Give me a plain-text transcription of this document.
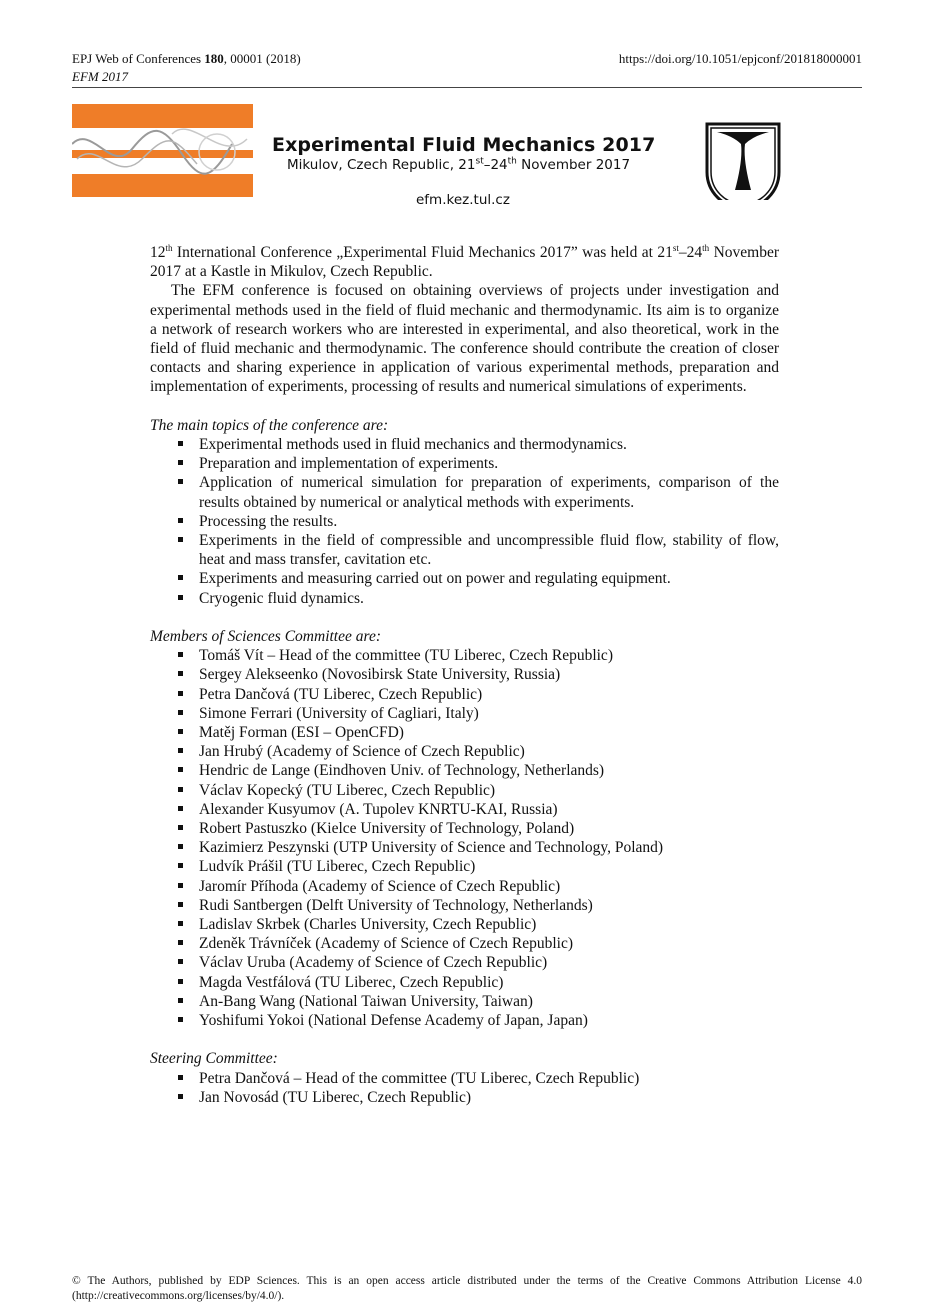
EPJ Web of Conferences 180, 00001 (2018)	https://doi.org/10.1051/epjconf/201818000001
EFM 2017
Experimental Fluid Mechanics 2017
Mikulov, Czech Republic, 21st–24th November 2017
efm.kez.tul.cz

12th International Conference „Experimental Fluid Mechanics 2017” was held at 21st–24th November 2017 at a Kastle in Mikulov, Czech Republic.

The EFM conference is focused on obtaining overviews of projects under investigation and experimental methods used in the field of fluid mechanic and thermodynamic. Its aim is to organize a network of research workers who are interested in experimental, and also theoretical, work in the field of fluid mechanic and thermodynamic. The conference should contribute the creation of closer contacts and sharing experience in application of various experimental methods, preparation and implementation of experiments, processing of results and numerical simulations of experiments.

The main topics of the conference are:

Experimental methods used in fluid mechanics and thermodynamics.
Preparation and implementation of experiments.
Application of numerical simulation for preparation of experiments, comparison of the results obtained by numerical or analytical methods with experiments.
Processing the results.
Experiments in the field of compressible and uncompressible fluid flow, stability of flow, heat and mass transfer, cavitation etc.
Experiments and measuring carried out on power and regulating equipment.
Cryogenic fluid dynamics.

Members of Sciences Committee are:

Tomáš Vít – Head of the committee (TU Liberec, Czech Republic)
Sergey Alekseenko (Novosibirsk State University, Russia)
Petra Dančová (TU Liberec, Czech Republic)
Simone Ferrari (University of Cagliari, Italy)
Matěj Forman (ESI – OpenCFD)
Jan Hrubý (Academy of Science of Czech Republic)
Hendric de Lange (Eindhoven Univ. of Technology, Netherlands)
Václav Kopecký (TU Liberec, Czech Republic)
Alexander Kusyumov (A. Tupolev KNRTU-KAI, Russia)
Robert Pastuszko (Kielce University of Technology, Poland)
Kazimierz Peszynski (UTP University of Science and Technology, Poland)
Ludvík Prášil (TU Liberec, Czech Republic)
Jaromír Příhoda (Academy of Science of Czech Republic)
Rudi Santbergen (Delft University of Technology, Netherlands)
Ladislav Skrbek (Charles University, Czech Republic)
Zdeněk Trávníček (Academy of Science of Czech Republic)
Václav Uruba (Academy of Science of Czech Republic)
Magda Vestfálová (TU Liberec, Czech Republic)
An-Bang Wang (National Taiwan University, Taiwan)
Yoshifumi Yokoi (National Defense Academy of Japan, Japan)

Steering Committee:

Petra Dančová – Head of the committee (TU Liberec, Czech Republic)
Jan Novosád (TU Liberec, Czech Republic)
© The Authors, published by EDP Sciences. This is an open access article distributed under the terms of the Creative Commons Attribution License 4.0 (http://creativecommons.org/licenses/by/4.0/).
